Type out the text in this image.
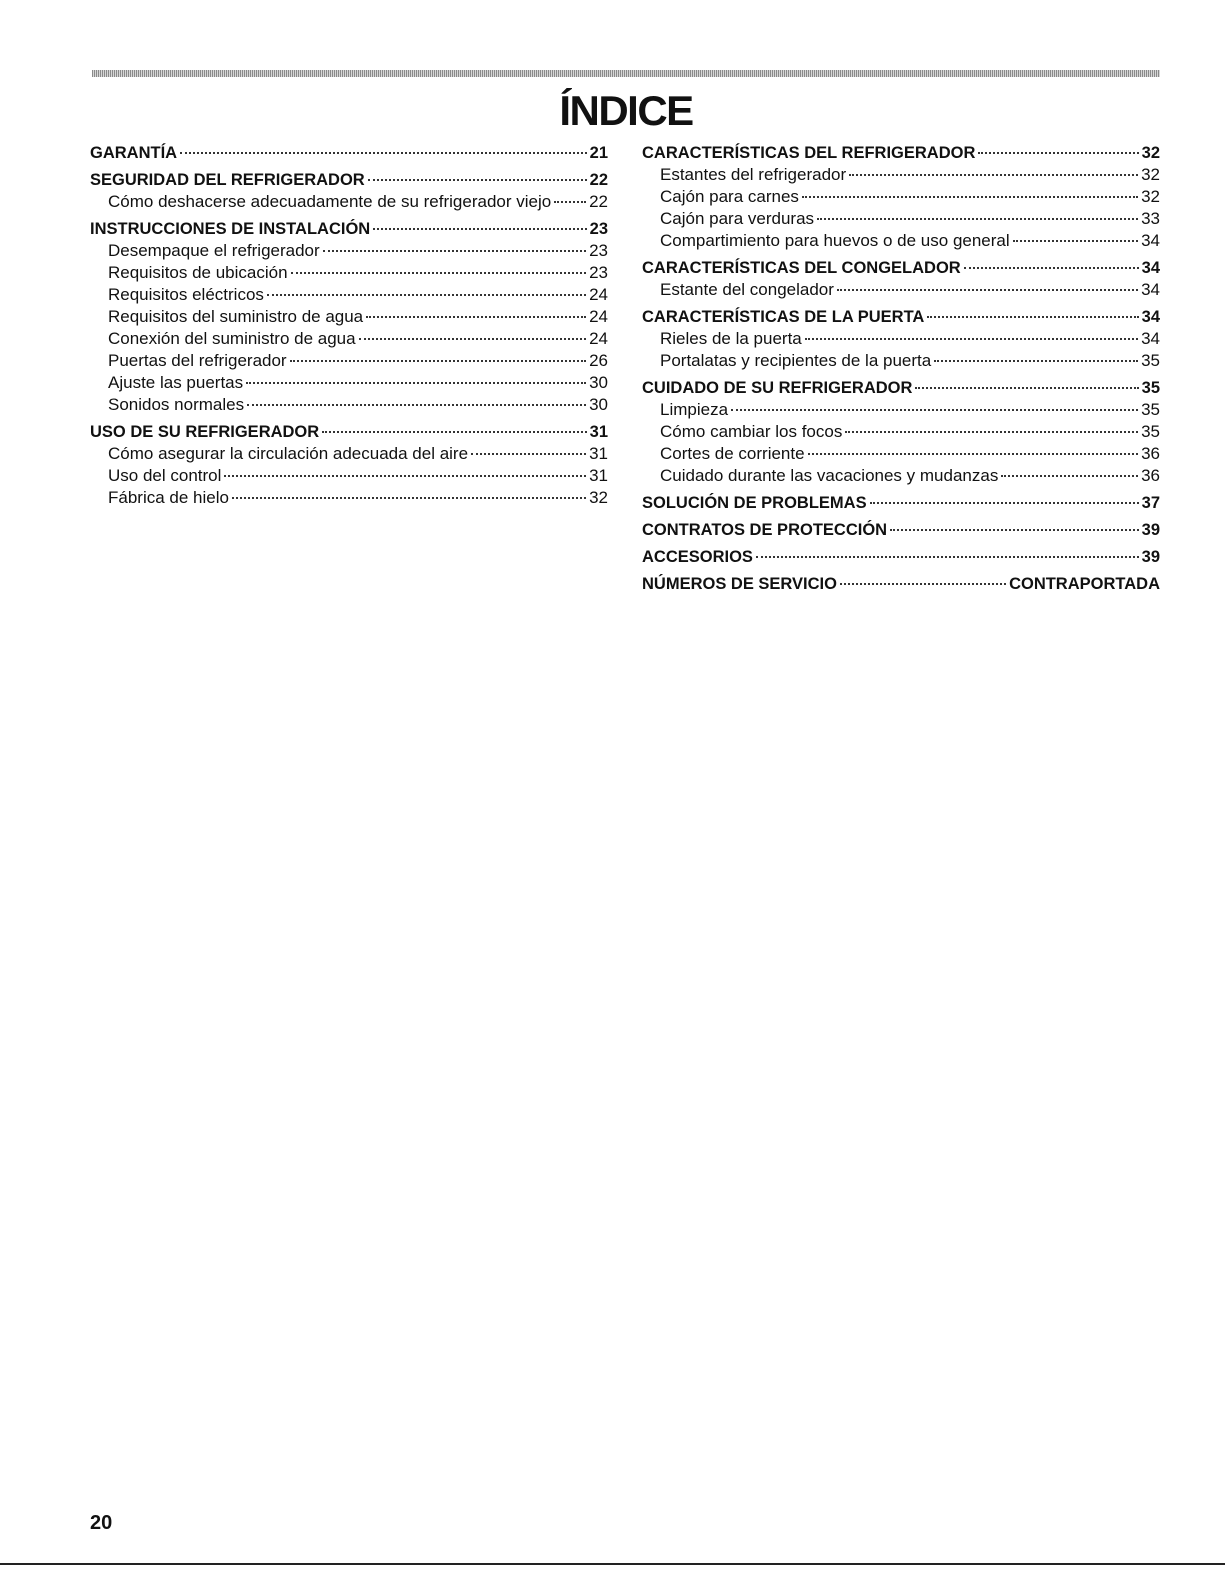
ÍNDICE
GARANTÍA	21
SEGURIDAD DEL REFRIGERADOR	22
Cómo deshacerse adecuadamente de su refrigerador viejo 22
INSTRUCCIONES DE INSTALACIÓN	23
Desempaque el refrigerador	23
Requisitos de ubicación	23
Requisitos eléctricos	24
Requisitos del suministro de agua	24
Conexión del suministro de agua	24
Puertas del refrigerador	26
Ajuste las puertas	30
Sonidos normales	30
USO DE SU REFRIGERADOR	31
Cómo asegurar la circulación adecuada del aire	31
Uso del control	31
Fábrica de hielo	32
CARACTERÍSTICAS DEL REFRIGERADOR	32
Estantes del refrigerador	32
Cajón para carnes	32
Cajón para verduras	33
Compartimiento para huevos o de uso general	34
CARACTERÍSTICAS DEL CONGELADOR	34
Estante del congelador	34
CARACTERÍSTICAS DE LA PUERTA	34
Rieles de la puerta	34
Portalatas y recipientes de la puerta	35
CUIDADO DE SU REFRIGERADOR	35
Limpieza	35
Cómo cambiar los focos	35
Cortes de corriente	36
Cuidado durante las vacaciones y mudanzas	36
SOLUCIÓN DE PROBLEMAS	37
CONTRATOS DE PROTECCIÓN	39
ACCESORIOS	39
NÚMEROS DE SERVICIO	CONTRAPORTADA
20
